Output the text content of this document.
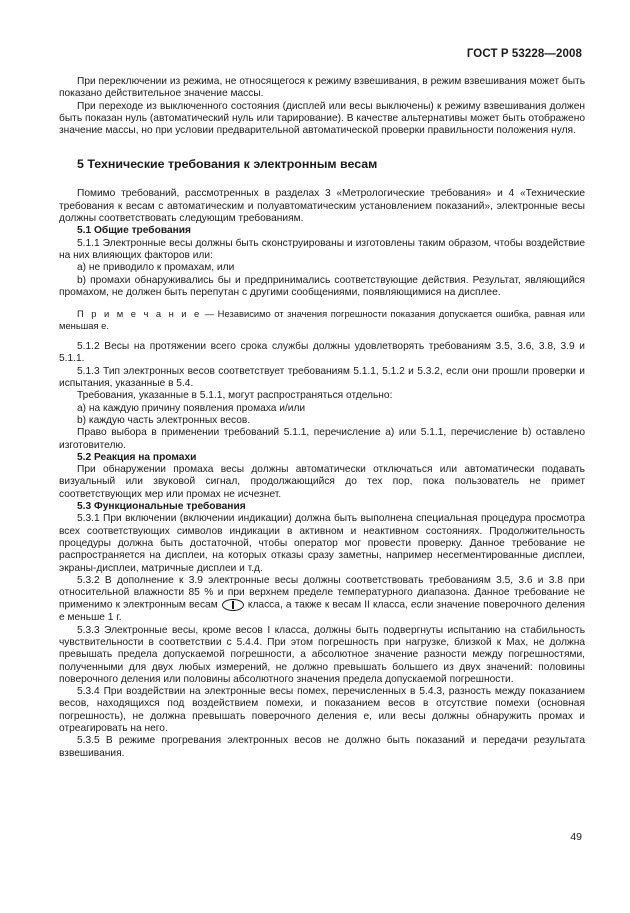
ГОСТ Р 53228—2008

При переключении из режима, не относящегося к режиму взвешивания, в режим взвешивания может быть показано действительное значение массы.

При переходе из выключенного состояния (дисплей или весы выключены) к режиму взвешивания должен быть показан нуль (автоматический нуль или тарирование). В качестве альтернативы может быть отображено значение массы, но при условии предварительной автоматической проверки правильности положения нуля.

5 Технические требования к электронным весам

Помимо требований, рассмотренных в разделах 3 «Метрологические требования» и 4 «Технические требования к весам с автоматическим и полуавтоматическим установлением показаний», электронные весы должны соответствовать следующим требованиям.

5.1 Общие требования

5.1.1 Электронные весы должны быть сконструированы и изготовлены таким образом, чтобы воздействие на них влияющих факторов или:

а) не приводило к промахам, или

b) промахи обнаруживались бы и предпринимались соответствующие действия. Результат, являющийся промахом, не должен быть перепутан с другими сообщениями, появляющимися на дисплее.

П р и м е ч а н и е — Независимо от значения погрешности показания допускается ошибка, равная или меньшая e.

5.1.2 Весы на протяжении всего срока службы должны удовлетворять требованиям 3.5, 3.6, 3.8, 3.9 и 5.1.1.

5.1.3 Тип электронных весов соответствует требованиям 5.1.1, 5.1.2 и 5.3.2, если они прошли проверки и испытания, указанные в 5.4.

Требования, указанные в 5.1.1, могут распространяться отдельно:

а) на каждую причину появления промаха и/или

b) каждую часть электронных весов.

Право выбора в применении требований 5.1.1, перечисление а) или 5.1.1, перечисление b) оставлено изготовителю.

5.2 Реакция на промахи

При обнаружении промаха весы должны автоматически отключаться или автоматически подавать визуальный или звуковой сигнал, продолжающийся до тех пор, пока пользователь не примет соответствующих мер или промах не исчезнет.

5.3 Функциональные требования

5.3.1 При включении (включении индикации) должна быть выполнена специальная процедура просмотра всех соответствующих символов индикации в активном и неактивном состояниях. Продолжительность процедуры должна быть достаточной, чтобы оператор мог провести проверку. Данное требование не распространяется на дисплеи, на которых отказы сразу заметны, например несегментированные дисплеи, экраны-дисплеи, матричные дисплеи и т.д.

5.3.2 В дополнение к 3.9 электронные весы должны соответствовать требованиям 3.5, 3.6 и 3.8 при относительной влажности 85 % и при верхнем пределе температурного диапазона. Данное требование не применимо к электронным весам	класса, а также к весам II класса, если значение поверочного деления e меньше 1 г.

5.3.3 Электронные весы, кроме весов I класса, должны быть подвергнуты испытанию на стабильность чувствительности в соответствии с 5.4.4. При этом погрешность при нагрузке, близкой к Max, не должна превышать предела допускаемой погрешности, а абсолютное значение разности между погрешностями, полученными для двух любых измерений, не должно превышать большего из двух значений: половины поверочного деления или половины абсолютного значения предела допускаемой погрешности.

5.3.4 При воздействии на электронные весы помех, перечисленных в 5.4.3, разность между показанием весов, находящихся под воздействием помехи, и показанием весов в отсутствие помехи (основная погрешность), не должна превышать поверочного деления e, или весы должны обнаружить промах и отреагировать на него.

5.3.5 В режиме прогревания электронных весов не должно быть показаний и передачи результата взвешивания.

49
